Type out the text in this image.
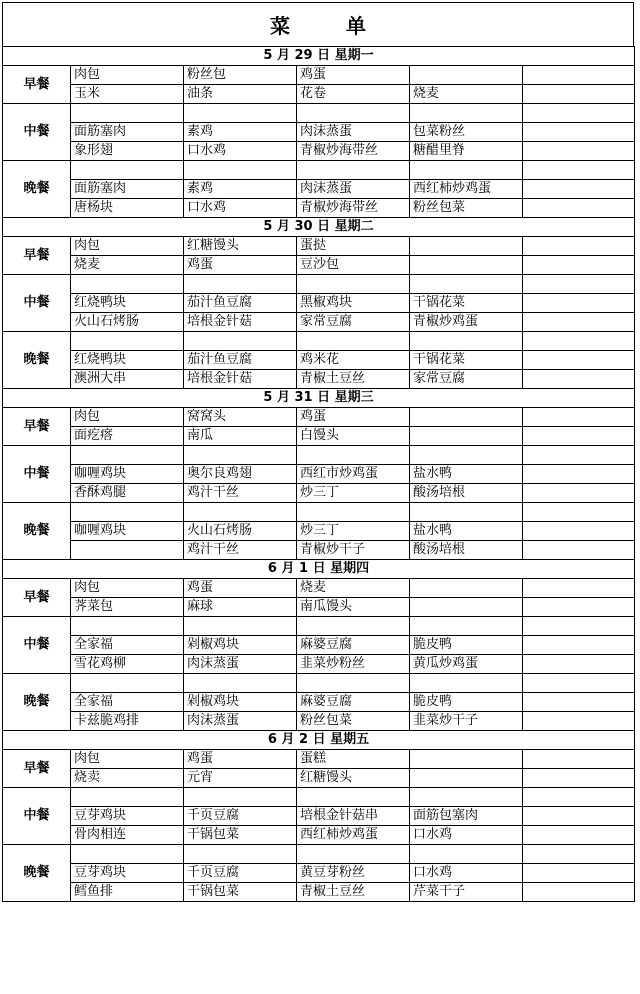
菜　单
5 月 29 日 星期一					
早餐	肉包	粉丝包	鸡蛋		
	玉米	油条	花卷	烧麦	
中餐					
	面筋塞肉	素鸡	肉沫蒸蛋	包菜粉丝	
	象形翅	口水鸡	青椒炒海带丝	糖醋里脊	
晚餐					
	面筋塞肉	素鸡	肉沫蒸蛋	西红柿炒鸡蛋	
	唐杨块	口水鸡	青椒炒海带丝	粉丝包菜	
5 月 30 日 星期二					
早餐	肉包	红糖馒头	蛋挞		
	烧麦	鸡蛋	豆沙包		
中餐					
	红烧鸭块	茄汁鱼豆腐	黑椒鸡块	干锅花菜	
	火山石烤肠	培根金针菇	家常豆腐	青椒炒鸡蛋	
晚餐					
	红烧鸭块	茄汁鱼豆腐	鸡米花	干锅花菜	
	澳洲大串	培根金针菇	青椒土豆丝	家常豆腐	
5 月 31 日 星期三					
早餐	肉包	窝窝头	鸡蛋		
	面疙瘩	南瓜	白馒头		
中餐					
	咖喱鸡块	奥尔良鸡翅	西红市炒鸡蛋	盐水鸭	
	香酥鸡腿	鸡汁干丝	炒三丁	酸汤培根	
晚餐					
	咖喱鸡块	火山石烤肠	炒三丁	盐水鸭	
		鸡汁干丝	青椒炒干子	酸汤培根	
6 月 1 日 星期四					
早餐	肉包	鸡蛋	烧麦		
	荠菜包	麻球	南瓜馒头		
中餐					
	全家福	剁椒鸡块	麻婆豆腐	脆皮鸭	
	雪花鸡柳	肉沫蒸蛋	韭菜炒粉丝	黄瓜炒鸡蛋	
晚餐					
	全家福	剁椒鸡块	麻婆豆腐	脆皮鸭	
	卡兹脆鸡排	肉沫蒸蛋	粉丝包菜	韭菜炒干子	
6 月 2 日 星期五					
早餐	肉包	鸡蛋	蛋糕		
	烧卖	元宵	红糖馒头		
中餐					
	豆芽鸡块	千页豆腐	培根金针菇串	面筋包塞肉	
	骨肉相连	干锅包菜	西红柿炒鸡蛋	口水鸡	
晚餐					
	豆芽鸡块	千页豆腐	黄豆芽粉丝	口水鸡	
	鳕鱼排	干锅包菜	青椒土豆丝	芹菜干子	
